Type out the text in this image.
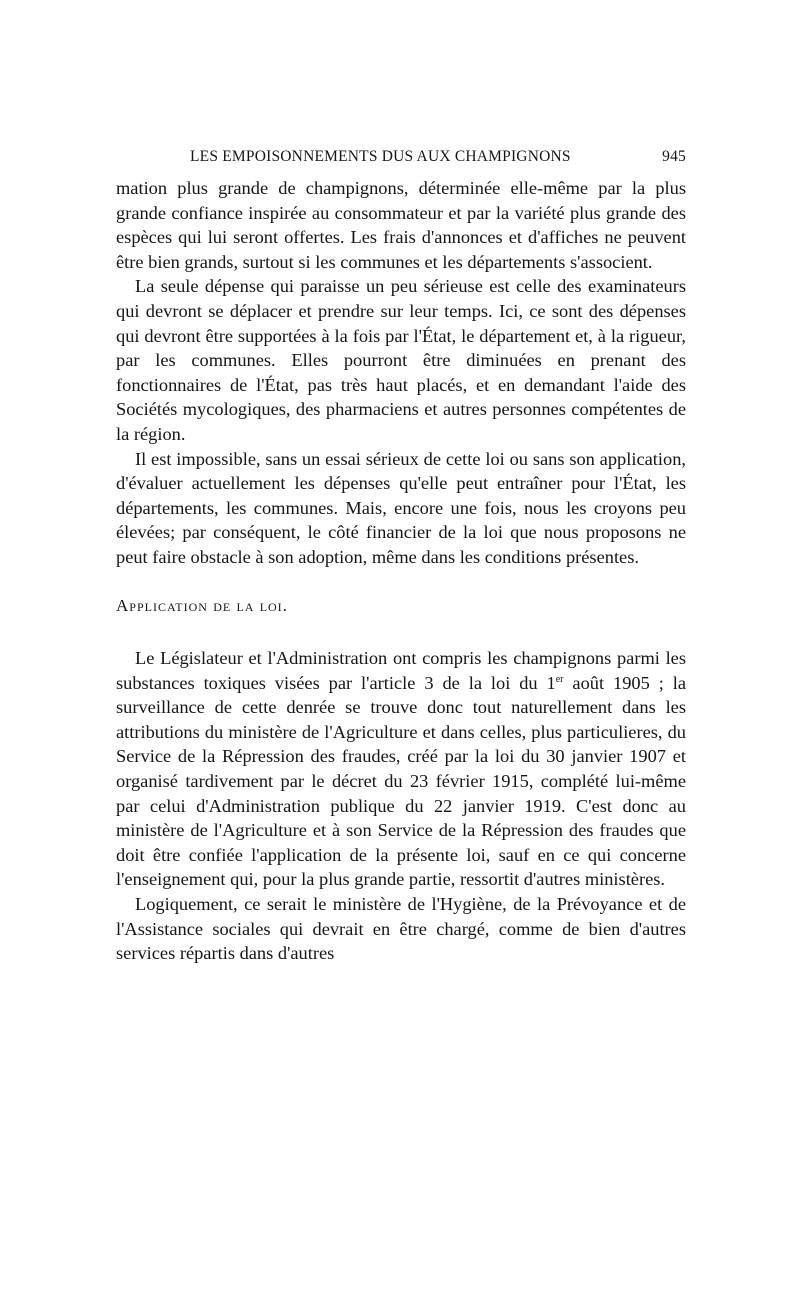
LES EMPOISONNEMENTS DUS AUX CHAMPIGNONS	945

mation plus grande de champignons, déterminée elle-même par la plus grande confiance inspirée au consommateur et par la variété plus grande des espèces qui lui seront offertes. Les frais d'annonces et d'affiches ne peuvent être bien grands, surtout si les communes et les départements s'associent.

La seule dépense qui paraisse un peu sérieuse est celle des examinateurs qui devront se déplacer et prendre sur leur temps. Ici, ce sont des dépenses qui devront être supportées à la fois par l'État, le département et, à la rigueur, par les communes. Elles pourront être diminuées en prenant des fonctionnaires de l'État, pas très haut placés, et en demandant l'aide des Sociétés mycologiques, des pharmaciens et autres personnes compétentes de la région.

Il est impossible, sans un essai sérieux de cette loi ou sans son application, d'évaluer actuellement les dépenses qu'elle peut entraîner pour l'État, les départements, les communes. Mais, encore une fois, nous les croyons peu élevées; par conséquent, le côté financier de la loi que nous proposons ne peut faire obstacle à son adoption, même dans les conditions présentes.

Application de la loi.

Le Législateur et l'Administration ont compris les champignons parmi les substances toxiques visées par l'article 3 de la loi du 1er août 1905 ; la surveillance de cette denrée se trouve donc tout naturellement dans les attributions du ministère de l'Agriculture et dans celles, plus particulieres, du Service de la Répression des fraudes, créé par la loi du 30 janvier 1907 et organisé tardivement par le décret du 23 février 1915, complété lui-même par celui d'Administration publique du 22 janvier 1919. C'est donc au ministère de l'Agriculture et à son Service de la Répression des fraudes que doit être confiée l'application de la présente loi, sauf en ce qui concerne l'enseignement qui, pour la plus grande partie, ressortit d'autres ministères.

Logiquement, ce serait le ministère de l'Hygiène, de la Prévoyance et de l'Assistance sociales qui devrait en être chargé, comme de bien d'autres services répartis dans d'autres
